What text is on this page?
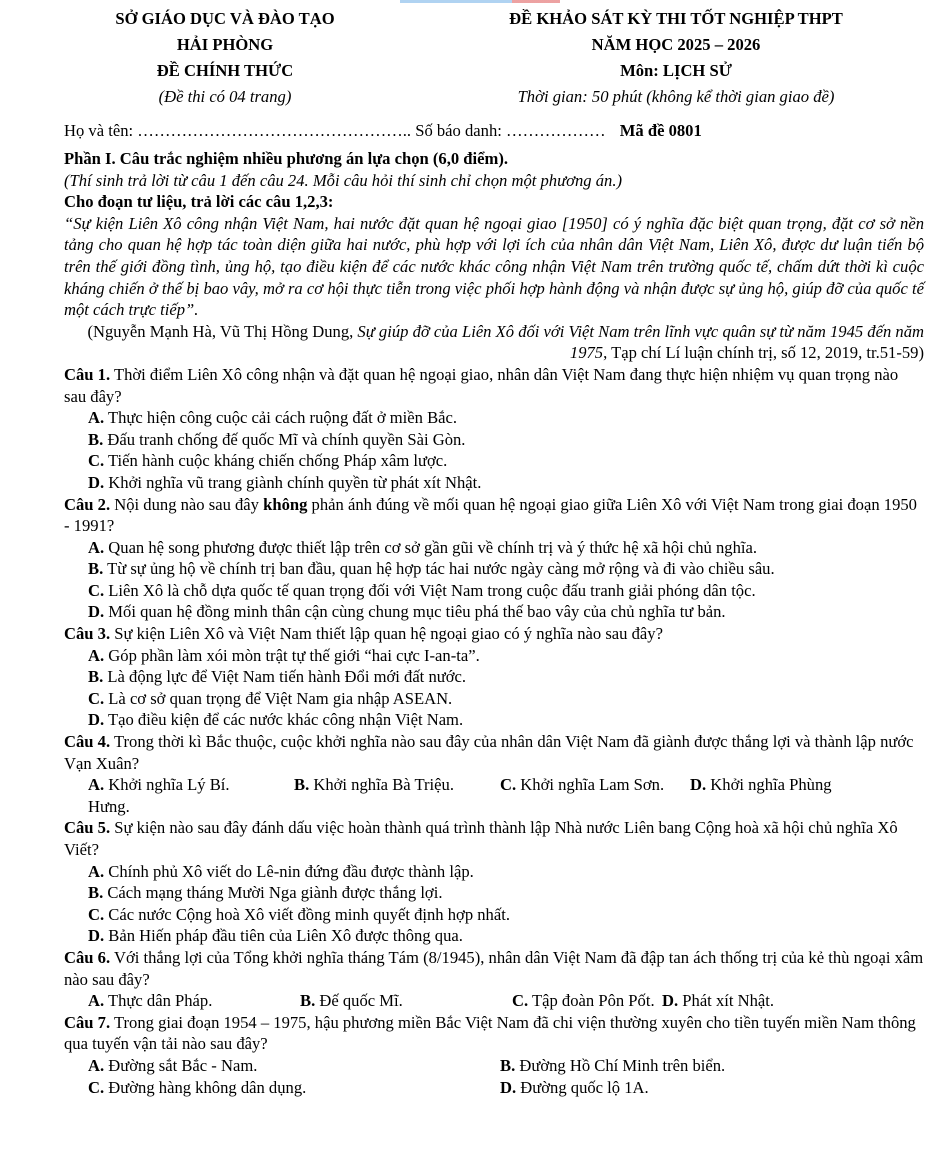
SỞ GIÁO DỤC VÀ ĐÀO TẠO
HẢI PHÒNG
ĐỀ CHÍNH THỨC
(Đề thi có 04 trang)
ĐỀ KHẢO SÁT KỲ THI TỐT NGHIỆP THPT
NĂM HỌC 2025 – 2026
Môn: LỊCH SỬ
Thời gian: 50 phút (không kể thời gian giao đề)
Họ và tên: ………………………………………….. Số báo danh: ……………… Mã đề 0801

Phần I. Câu trắc nghiệm nhiều phương án lựa chọn (6,0 điểm).

(Thí sinh trả lời từ câu 1 đến câu 24. Mỗi câu hỏi thí sinh chỉ chọn một phương án.)

Cho đoạn tư liệu, trả lời các câu 1,2,3:

“Sự kiện Liên Xô công nhận Việt Nam, hai nước đặt quan hệ ngoại giao [1950] có ý nghĩa đặc biệt quan trọng, đặt cơ sở nền tảng cho quan hệ hợp tác toàn diện giữa hai nước, phù hợp với lợi ích của nhân dân Việt Nam, Liên Xô, được dư luận tiến bộ trên thế giới đồng tình, ủng hộ, tạo điều kiện để các nước khác công nhận Việt Nam trên trường quốc tế, chấm dứt thời kì cuộc kháng chiến ở thế bị bao vây, mở ra cơ hội thực tiễn trong việc phối hợp hành động và nhận được sự ủng hộ, giúp đỡ của quốc tế một cách trực tiếp”.

(Nguyễn Mạnh Hà, Vũ Thị Hồng Dung, Sự giúp đỡ của Liên Xô đối với Việt Nam trên lĩnh vực quân sự từ năm 1945 đến năm 1975, Tạp chí Lí luận chính trị, số 12, 2019, tr.51-59)

Câu 1. Thời điểm Liên Xô công nhận và đặt quan hệ ngoại giao, nhân dân Việt Nam đang thực hiện nhiệm vụ quan trọng nào sau đây?

A. Thực hiện công cuộc cải cách ruộng đất ở miền Bắc.

B. Đấu tranh chống đế quốc Mĩ và chính quyền Sài Gòn.

C. Tiến hành cuộc kháng chiến chống Pháp xâm lược.

D. Khởi nghĩa vũ trang giành chính quyền từ phát xít Nhật.

Câu 2. Nội dung nào sau đây không phản ánh đúng về mối quan hệ ngoại giao giữa Liên Xô với Việt Nam trong giai đoạn 1950 - 1991?

A. Quan hệ song phương được thiết lập trên cơ sở gần gũi về chính trị và ý thức hệ xã hội chủ nghĩa.

B. Từ sự ủng hộ về chính trị ban đầu, quan hệ hợp tác hai nước ngày càng mở rộng và đi vào chiều sâu.

C. Liên Xô là chỗ dựa quốc tế quan trọng đối với Việt Nam trong cuộc đấu tranh giải phóng dân tộc.

D. Mối quan hệ đồng minh thân cận cùng chung mục tiêu phá thế bao vây của chủ nghĩa tư bản.

Câu 3. Sự kiện Liên Xô và Việt Nam thiết lập quan hệ ngoại giao có ý nghĩa nào sau đây?

A. Góp phần làm xói mòn trật tự thế giới “hai cực I-an-ta”.

B. Là động lực để Việt Nam tiến hành Đổi mới đất nước.

C. Là cơ sở quan trọng để Việt Nam gia nhập ASEAN.

D. Tạo điều kiện để các nước khác công nhận Việt Nam.

Câu 4. Trong thời kì Bắc thuộc, cuộc khởi nghĩa nào sau đây của nhân dân Việt Nam đã giành được thắng lợi và thành lập nước Vạn Xuân?

A. Khởi nghĩa Lý Bí.	B. Khởi nghĩa Bà Triệu.	C. Khởi nghĩa Lam Sơn.	D. Khởi nghĩa Phùng

Hưng.

Câu 5. Sự kiện nào sau đây đánh dấu việc hoàn thành quá trình thành lập Nhà nước Liên bang Cộng hoà xã hội chủ nghĩa Xô Viết?

A. Chính phủ Xô viết do Lê-nin đứng đầu được thành lập.

B. Cách mạng tháng Mười Nga giành được thắng lợi.

C. Các nước Cộng hoà Xô viết đồng minh quyết định hợp nhất.

D. Bản Hiến pháp đầu tiên của Liên Xô được thông qua.

Câu 6. Với thắng lợi của Tổng khởi nghĩa tháng Tám (8/1945), nhân dân Việt Nam đã đập tan ách thống trị của kẻ thù ngoại xâm nào sau đây?

A. Thực dân Pháp.	B. Đế quốc Mĩ.	C. Tập đoàn Pôn Pốt. D. Phát xít Nhật.

Câu 7. Trong giai đoạn 1954 – 1975, hậu phương miền Bắc Việt Nam đã chi viện thường xuyên cho tiền tuyến miền Nam thông qua tuyến vận tải nào sau đây?

A. Đường sắt Bắc - Nam.	B. Đường Hồ Chí Minh trên biển.
C. Đường hàng không dân dụng.	D. Đường quốc lộ 1A.
